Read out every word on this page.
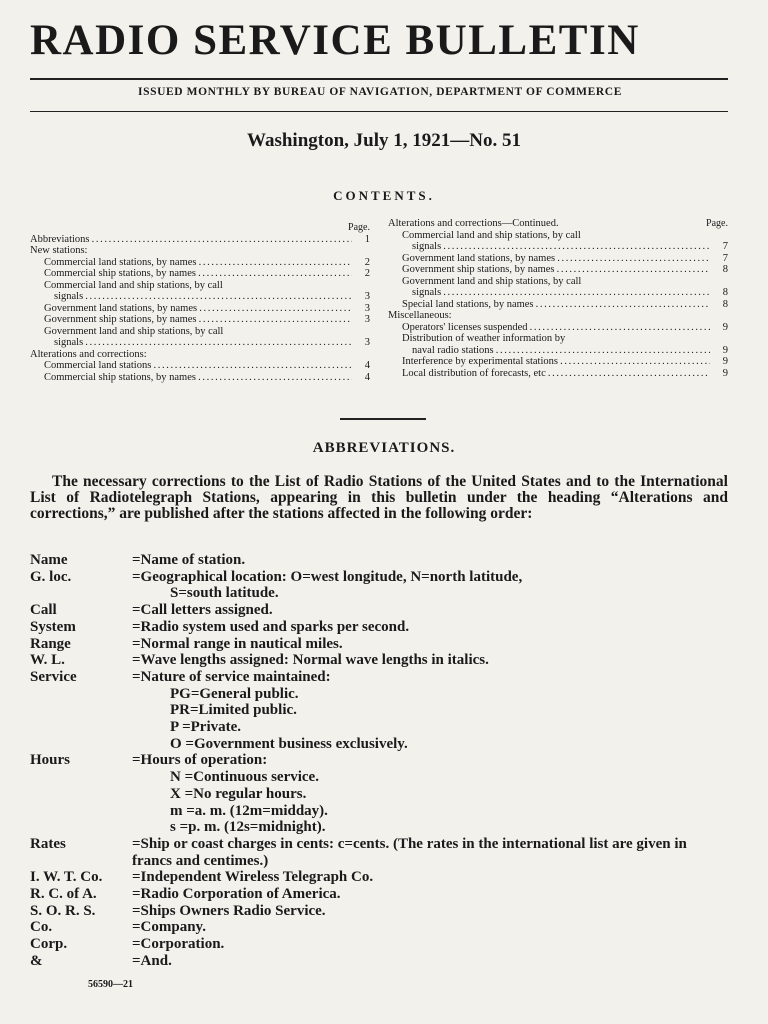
RADIO SERVICE BULLETIN
ISSUED MONTHLY BY BUREAU OF NAVIGATION, DEPARTMENT OF COMMERCE
Washington, July 1, 1921—No. 51
CONTENTS.
Page.
Abbreviations . . .	1
New stations:
Commercial land stations, by names . . .	2
Commercial ship stations, by names . . .	2
Commercial land and ship stations, by call
signals . . .	3
Government land stations, by names . . .	3
Government ship stations, by names . . .	3
Government land and ship stations, by call
signals . . .	3
Alterations and corrections:
Commercial land stations . . .	4
Commercial ship stations, by names . . .	4
Alterations and corrections—Continued.	Page.
Commercial land and ship stations, by call
signals . . .	7
Government land stations, by names . . .	7
Government ship stations, by names . . .	8
Government land and ship stations, by call
signals . . .	8
Special land stations, by names . . .	8
Miscellaneous:
Operators' licenses suspended . . .	9
Distribution of weather information by
naval radio stations . . .	9
Interference by experimental stations . . .	9
Local distribution of forecasts, etc . . .	9
ABBREVIATIONS.

The necessary corrections to the List of Radio Stations of the United States and to the International List of Radiotelegraph Stations, appearing in this bulletin under the heading “Alterations and corrections,” are published after the stations affected in the following order:

Name	=Name of station.
G. loc.	=Geographical location: O=west longitude, N=north latitude,
S=south latitude.
Call	=Call letters assigned.
System	=Radio system used and sparks per second.
Range	=Normal range in nautical miles.
W. L.	=Wave lengths assigned: Normal wave lengths in italics.
Service	=Nature of service maintained:
PG=General public.
PR=Limited public.
P =Private.
O =Government business exclusively.
Hours	=Hours of operation:
N =Continuous service.
X =No regular hours.
m =a. m. (12m=midday).
s =p. m. (12s=midnight).
Rates	=Ship or coast charges in cents: c=cents. (The rates in the international list are given in francs and centimes.)
I. W. T. Co.	=Independent Wireless Telegraph Co.
R. C. of A.	=Radio Corporation of America.
S. O. R. S.	=Ships Owners Radio Service.
Co.	=Company.
Corp.	=Corporation.
&	=And.
56590—21
